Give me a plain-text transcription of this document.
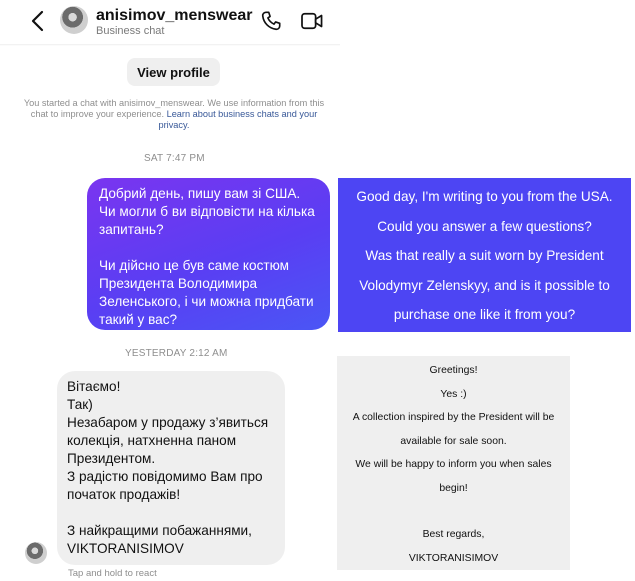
anisimov_menswear
Business chat
View profile
You started a chat with anisimov_menswear. We use information from this chat to improve your experience. Learn about business chats and your privacy.
SAT 7:47 PM

Добрий день, пишу вам зі США.

Чи могли б ви відповісти на кілька

запитань?

Чи дійсно це був саме костюм

Президента Володимира

Зеленського, і чи можна придбати

такий у вас?

Good day, I'm writing to you from the USA.
Could you answer a few questions?
Was that really a suit worn by President
Volodymyr Zelenskyy, and is it possible to
purchase one like it from you?
YESTERDAY 2:12 AM

Вітаємо!

Так)

Незабаром у продажу з’явиться

колекція, натхненна паном

Президентом.

З радістю повідомимо Вам про

початок продажів!

З найкращими побажаннями,

VIKTORANISIMOV

Tap and hold to react
Greetings!
Yes :)
A collection inspired by the President will be
available for sale soon.
We will be happy to inform you when sales
begin!
Best regards,
VIKTORANISIMOV
